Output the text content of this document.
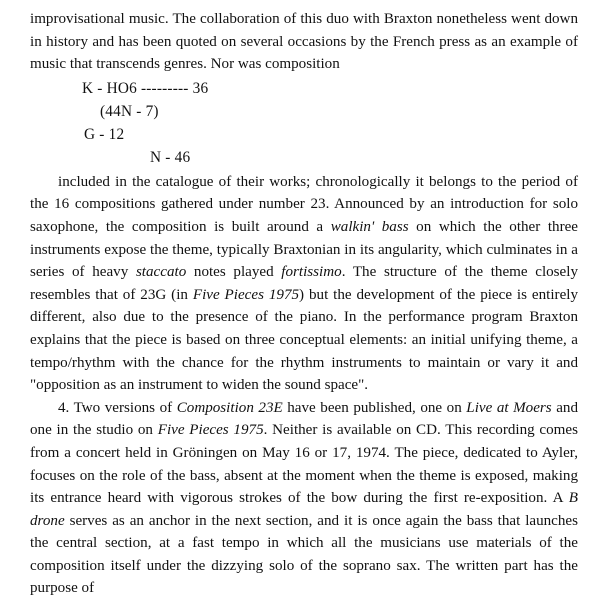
improvisational music. The collaboration of this duo with Braxton nonetheless went down in history and has been quoted on several occasions by the French press as an example of music that transcends genres. Nor was composition

K - HO6 --------- 36
(44N - 7)
G - 12
N - 46

included in the catalogue of their works; chronologically it belongs to the period of the 16 compositions gathered under number 23. Announced by an introduction for solo saxophone, the composition is built around a walkin' bass on which the other three instruments expose the theme, typically Braxtonian in its angularity, which culminates in a series of heavy staccato notes played fortissimo. The structure of the theme closely resembles that of 23G (in Five Pieces 1975) but the development of the piece is entirely different, also due to the presence of the piano. In the performance program Braxton explains that the piece is based on three conceptual elements: an initial unifying theme, a tempo/rhythm with the chance for the rhythm instruments to maintain or vary it and "opposition as an instrument to widen the sound space".

4. Two versions of Composition 23E have been published, one on Live at Moers and one in the studio on Five Pieces 1975. Neither is available on CD. This recording comes from a concert held in Gröningen on May 16 or 17, 1974. The piece, dedicated to Ayler, focuses on the role of the bass, absent at the moment when the theme is exposed, making its entrance heard with vigorous strokes of the bow during the first re-exposition. A B drone serves as an anchor in the next section, and it is once again the bass that launches the central section, at a fast tempo in which all the musicians use materials of the composition itself under the dizzying solo of the soprano sax. The written part has the purpose of
